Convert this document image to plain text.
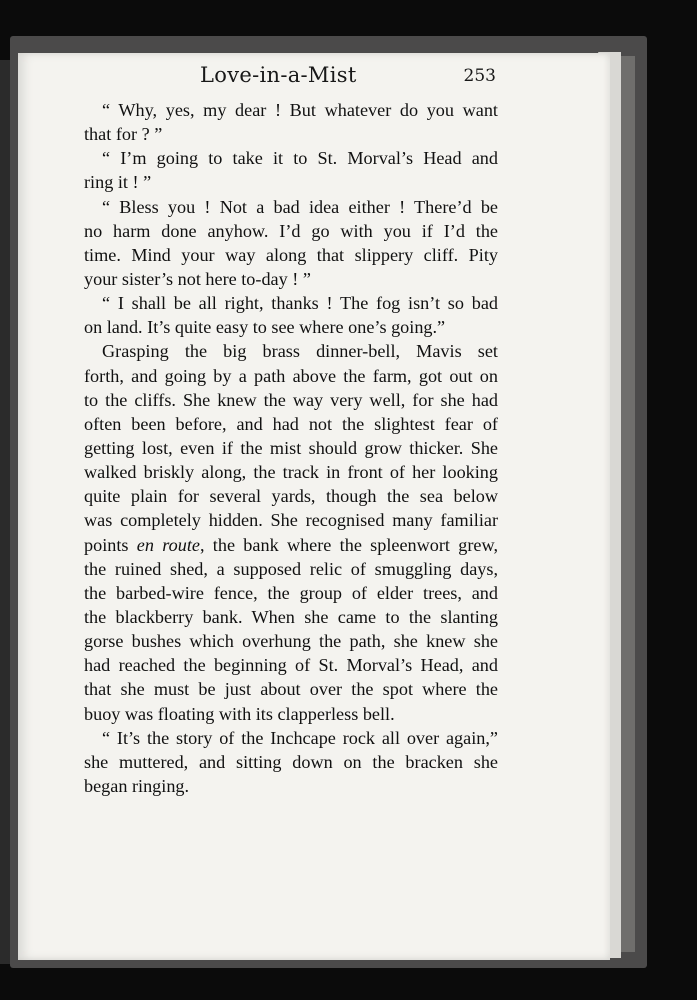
Love-in-a-Mist	253
“ Why, yes, my dear ! But whatever do you want
that for ? ”
“ I’m going to take it to St. Morval’s Head and
ring it ! ”
“ Bless you ! Not a bad idea either ! There’d be
no harm done anyhow. I’d go with you if I’d the
time. Mind your way along that slippery cliff. Pity
your sister’s not here to-day ! ”
“ I shall be all right, thanks ! The fog isn’t so bad
on land. It’s quite easy to see where one’s going.”
Grasping the big brass dinner-bell, Mavis set
forth, and going by a path above the farm, got out on
to the cliffs. She knew the way very well, for she had
often been before, and had not the slightest fear of
getting lost, even if the mist should grow thicker. She
walked briskly along, the track in front of her looking
quite plain for several yards, though the sea below
was completely hidden. She recognised many familiar
points en route, the bank where the spleenwort grew,
the ruined shed, a supposed relic of smuggling days,
the barbed-wire fence, the group of elder trees, and
the blackberry bank. When she came to the slanting
gorse bushes which overhung the path, she knew she
had reached the beginning of St. Morval’s Head, and
that she must be just about over the spot where the
buoy was floating with its clapperless bell.
“ It’s the story of the Inchcape rock all over again,”
she muttered, and sitting down on the bracken she
began ringing.
